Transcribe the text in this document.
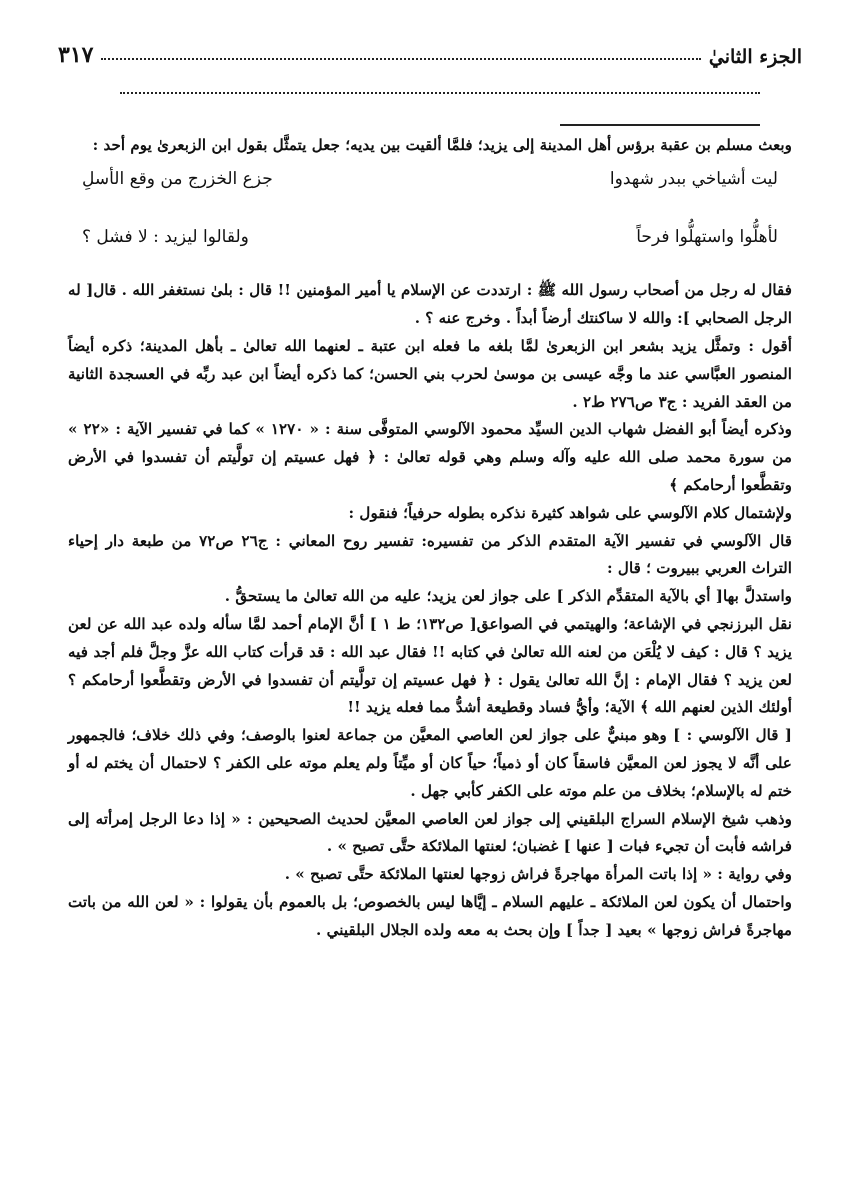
٣١٧	الجزء الثانيٰ

وبعث مسلم بن عقبة برؤس أهل المدينة إلى يزيد؛ فلمَّا ألقيت بين يديه؛ جعل يتمثَّل بقول ابن الزبعرىٰ يوم أحد :

ليت أشياخي ببدر شهدوا
جزع الخزرج من وقع الأسلِ
لأهلُّوا واستهلُّوا فرحاً
ولقالوا ليزيد : لا فشل ؟

فقال له رجل من أصحاب رسول الله ﷺ : ارتددت عن الإسلام يا أمير المؤمنين !! قال : بلىٰ نستغفر الله . قال[ له الرجل الصحابي ]: والله لا ساكنتك أرضاً أبداً . وخرج عنه ؟ .

أقول : وتمثَّل يزيد بشعر ابن الزبعرىٰ لمَّا بلغه ما فعله ابن عتبة ـ لعنهما الله تعالىٰ ـ بأهل المدينة؛ ذكره أيضاً المنصور العبَّاسي عند ما وجَّه عيسى بن موسىٰ لحرب بني الحسن؛ كما ذكره أيضاً ابن عبد ربِّه في العسجدة الثانية من العقد الفريد : ج٣ ص٢٧٦ ط٢ .

وذكره أيضاً أبو الفضل شهاب الدين السيِّد محمود الآلوسي المتوفَّى سنة : « ١٢٧٠ » كما في تفسير الآية : «٢٢ » من سورة محمد صلى الله عليه وآله وسلم وهي قوله تعالىٰ : ﴿ فهل عسيتم إن تولَّيتم أن تفسدوا في الأرض وتقطَّعوا أرحامكم ﴾

ولإشتمال كلام الآلوسي على شواهد كثيرة نذكره بطوله حرفياً؛ فنقول :

قال الآلوسي في تفسير الآية المتقدم الذكر من تفسيره: تفسير روح المعاني : ج٢٦ ص٧٢ من طبعة دار إحياء التراث العربي ببيروت ؛ قال :

واستدلَّ بها[ أي بالآية المتقدِّم الذكر ] على جواز لعن يزيد؛ عليه من الله تعالىٰ ما يستحقُّ .

نقل البرزنجي في الإشاعة؛ والهيتمي في الصواعق[ ص١٣٢؛ ط ١ ] أنَّ الإمام أحمد لمَّا سأله ولده عبد الله عن لعن يزيد ؟ قال : كيف لا يُلْعَن من لعنه الله تعالىٰ في كتابه !! فقال عبد الله : قد قرأت كتاب الله عزَّ وجلَّ فلم أجد فيه لعن يزيد ؟ فقال الإمام : إنَّ الله تعالىٰ يقول : ﴿ فهل عسيتم إن تولَّيتم أن تفسدوا في الأرض وتقطَّعوا أرحامكم ؟ أولئك الذين لعنهم الله ﴾ الآية؛ وأيُّ فساد وقطيعة أشدُّ مما فعله يزيد !!

[ قال الآلوسي : ] وهو مبنيٌّ على جواز لعن العاصي المعيَّن من جماعة لعنوا بالوصف؛ وفي ذلك خلاف؛ فالجمهور على أنَّه لا يجوز لعن المعيَّن فاسقاً كان أو ذمياً؛ حياً كان أو ميِّتاً ولم يعلم موته على الكفر ؟ لاحتمال أن يختم له أو ختم له بالإسلام؛ بخلاف من علم موته على الكفر كأبي جهل .

وذهب شيخ الإسلام السراج البلقيني إلى جواز لعن العاصي المعيَّن لحديث الصحيحين : « إذا دعا الرجل إمرأته إلى فراشه فأبت أن تجيء فبات [ عنها ] غضبان؛ لعنتها الملائكة حتَّى تصبح » .

وفي رواية : « إذا باتت المرأة مهاجرةً فراش زوجها لعنتها الملائكة حتَّى تصبح » .

واحتمال أن يكون لعن الملائكة ـ عليهم السلام ـ إيَّاها ليس بالخصوص؛ بل بالعموم بأن يقولوا : « لعن الله من باتت مهاجرةً فراش زوجها » بعيد [ جداً ] وإن بحث به معه ولده الجلال البلقيني .
